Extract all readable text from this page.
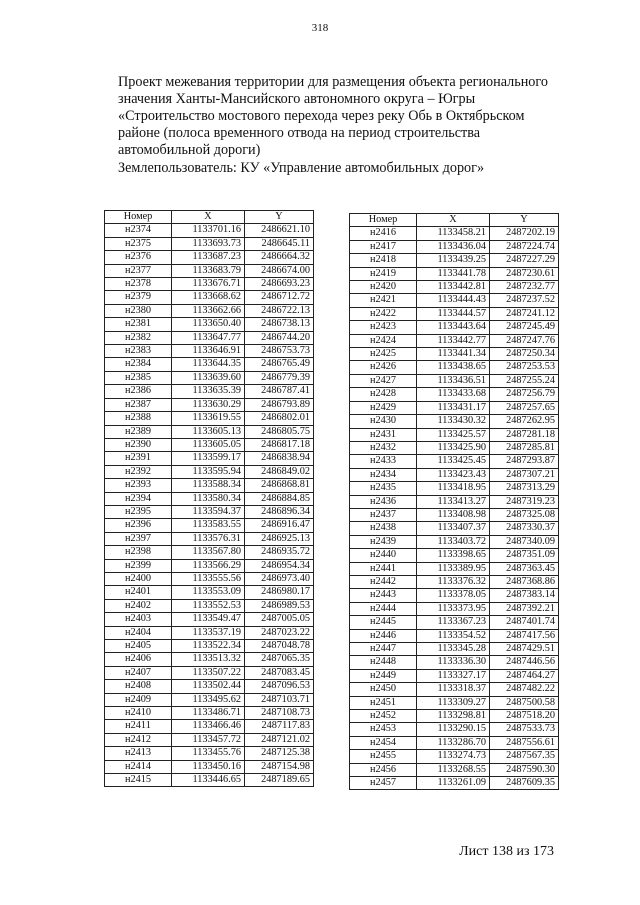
318
Проект межевания территории для размещения объекта регионального
значения Ханты-Мансийского автономного округа – Югры
«Строительство мостового перехода через реку Обь в Октябрьском
районе (полоса временного отвода на период строительства
автомобильной дороги)
Землепользователь: КУ «Управление автомобильных дорог»
Номер	X	Y
н2374	1133701.16	2486621.10
н2375	1133693.73	2486645.11
н2376	1133687.23	2486664.32
н2377	1133683.79	2486674.00
н2378	1133676.71	2486693.23
н2379	1133668.62	2486712.72
н2380	1133662.66	2486722.13
н2381	1133650.40	2486738.13
н2382	1133647.77	2486744.20
н2383	1133646.91	2486753.73
н2384	1133644.35	2486765.49
н2385	1133639.60	2486779.39
н2386	1133635.39	2486787.41
н2387	1133630.29	2486793.89
н2388	1133619.55	2486802.01
н2389	1133605.13	2486805.75
н2390	1133605.05	2486817.18
н2391	1133599.17	2486838.94
н2392	1133595.94	2486849.02
н2393	1133588.34	2486868.81
н2394	1133580.34	2486884.85
н2395	1133594.37	2486896.34
н2396	1133583.55	2486916.47
н2397	1133576.31	2486925.13
н2398	1133567.80	2486935.72
н2399	1133566.29	2486954.34
н2400	1133555.56	2486973.40
н2401	1133553.09	2486980.17
н2402	1133552.53	2486989.53
н2403	1133549.47	2487005.05
н2404	1133537.19	2487023.22
н2405	1133522.34	2487048.78
н2406	1133513.32	2487065.35
н2407	1133507.22	2487083.45
н2408	1133502.44	2487096.53
н2409	1133495.62	2487103.71
н2410	1133486.71	2487108.73
н2411	1133466.46	2487117.83
н2412	1133457.72	2487121.02
н2413	1133455.76	2487125.38
н2414	1133450.16	2487154.98
н2415	1133446.65	2487189.65
Номер	X	Y
н2416	1133458.21	2487202.19
н2417	1133436.04	2487224.74
н2418	1133439.25	2487227.29
н2419	1133441.78	2487230.61
н2420	1133442.81	2487232.77
н2421	1133444.43	2487237.52
н2422	1133444.57	2487241.12
н2423	1133443.64	2487245.49
н2424	1133442.77	2487247.76
н2425	1133441.34	2487250.34
н2426	1133438.65	2487253.53
н2427	1133436.51	2487255.24
н2428	1133433.68	2487256.79
н2429	1133431.17	2487257.65
н2430	1133430.32	2487262.95
н2431	1133425.57	2487281.18
н2432	1133425.90	2487285.81
н2433	1133425.45	2487293.87
н2434	1133423.43	2487307.21
н2435	1133418.95	2487313.29
н2436	1133413.27	2487319.23
н2437	1133408.98	2487325.08
н2438	1133407.37	2487330.37
н2439	1133403.72	2487340.09
н2440	1133398.65	2487351.09
н2441	1133389.95	2487363.45
н2442	1133376.32	2487368.86
н2443	1133378.05	2487383.14
н2444	1133373.95	2487392.21
н2445	1133367.23	2487401.74
н2446	1133354.52	2487417.56
н2447	1133345.28	2487429.51
н2448	1133336.30	2487446.56
н2449	1133327.17	2487464.27
н2450	1133318.37	2487482.22
н2451	1133309.27	2487500.58
н2452	1133298.81	2487518.20
н2453	1133290.15	2487533.73
н2454	1133286.70	2487556.61
н2455	1133274.73	2487567.35
н2456	1133268.55	2487590.30
н2457	1133261.09	2487609.35
Лист 138 из 173
